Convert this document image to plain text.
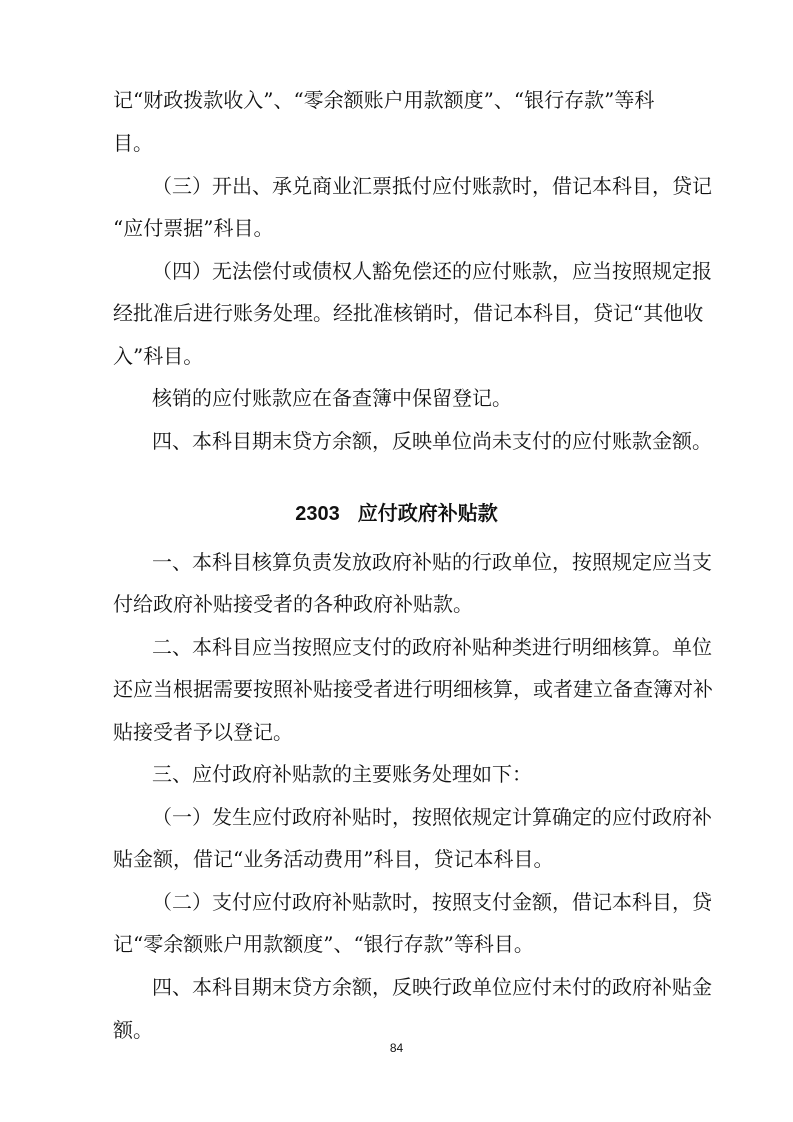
记“财政拨款收入”、“零余额账户用款额度”、“银行存款”等科
目。
（三）开出、承兑商业汇票抵付应付账款时，借记本科目，贷记
“应付票据”科目。
（四）无法偿付或债权人豁免偿还的应付账款，应当按照规定报
经批准后进行账务处理。经批准核销时，借记本科目，贷记“其他收
入”科目。
核销的应付账款应在备查簿中保留登记。
四、本科目期末贷方余额，反映单位尚未支付的应付账款金额。
2303 应付政府补贴款
一、本科目核算负责发放政府补贴的行政单位，按照规定应当支
付给政府补贴接受者的各种政府补贴款。
二、本科目应当按照应支付的政府补贴种类进行明细核算。单位
还应当根据需要按照补贴接受者进行明细核算，或者建立备查簿对补
贴接受者予以登记。
三、应付政府补贴款的主要账务处理如下：
（一）发生应付政府补贴时，按照依规定计算确定的应付政府补
贴金额，借记“业务活动费用”科目，贷记本科目。
（二）支付应付政府补贴款时，按照支付金额，借记本科目，贷
记“零余额账户用款额度”、“银行存款”等科目。
四、本科目期末贷方余额，反映行政单位应付未付的政府补贴金
额。
84
